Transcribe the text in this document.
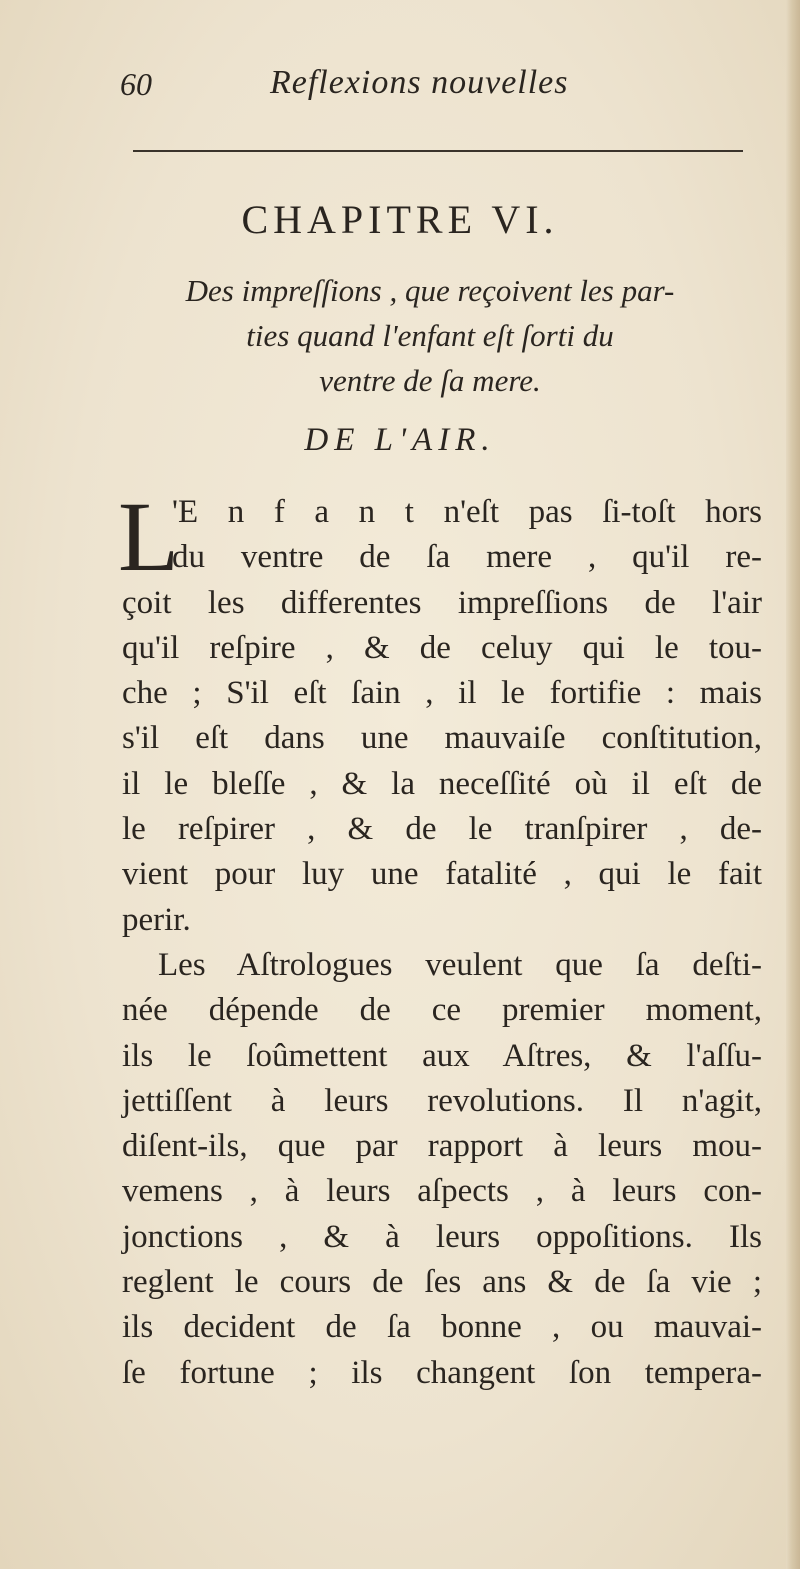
60	Reflexions nouvelles
CHAPITRE VI.
Des impreſſions , que reçoivent les par-
ties quand l'enfant eſt ſorti du
ventre de ſa mere.
DE L'AIR.
L
'E n f a n t n'eſt pas ſi-toſt hors
du ventre de ſa mere , qu'il re-
çoit les differentes impreſſions de l'air
qu'il reſpire , & de celuy qui le tou-
che ; S'il eſt ſain , il le fortifie : mais
s'il eſt dans une mauvaiſe conſtitution,
il le bleſſe , & la neceſſité où il eſt de
le reſpirer , & de le tranſpirer , de-
vient pour luy une fatalité , qui le fait
perir.
Les Aſtrologues veulent que ſa deſti-
née dépende de ce premier moment,
ils le ſoûmettent aux Aſtres, & l'aſſu-
jettiſſent à leurs revolutions. Il n'agit,
diſent-ils, que par rapport à leurs mou-
vemens , à leurs aſpects , à leurs con-
jonctions , & à leurs oppoſitions. Ils
reglent le cours de ſes ans & de ſa vie ;
ils decident de ſa bonne , ou mauvai-
ſe fortune ; ils changent ſon tempera-
